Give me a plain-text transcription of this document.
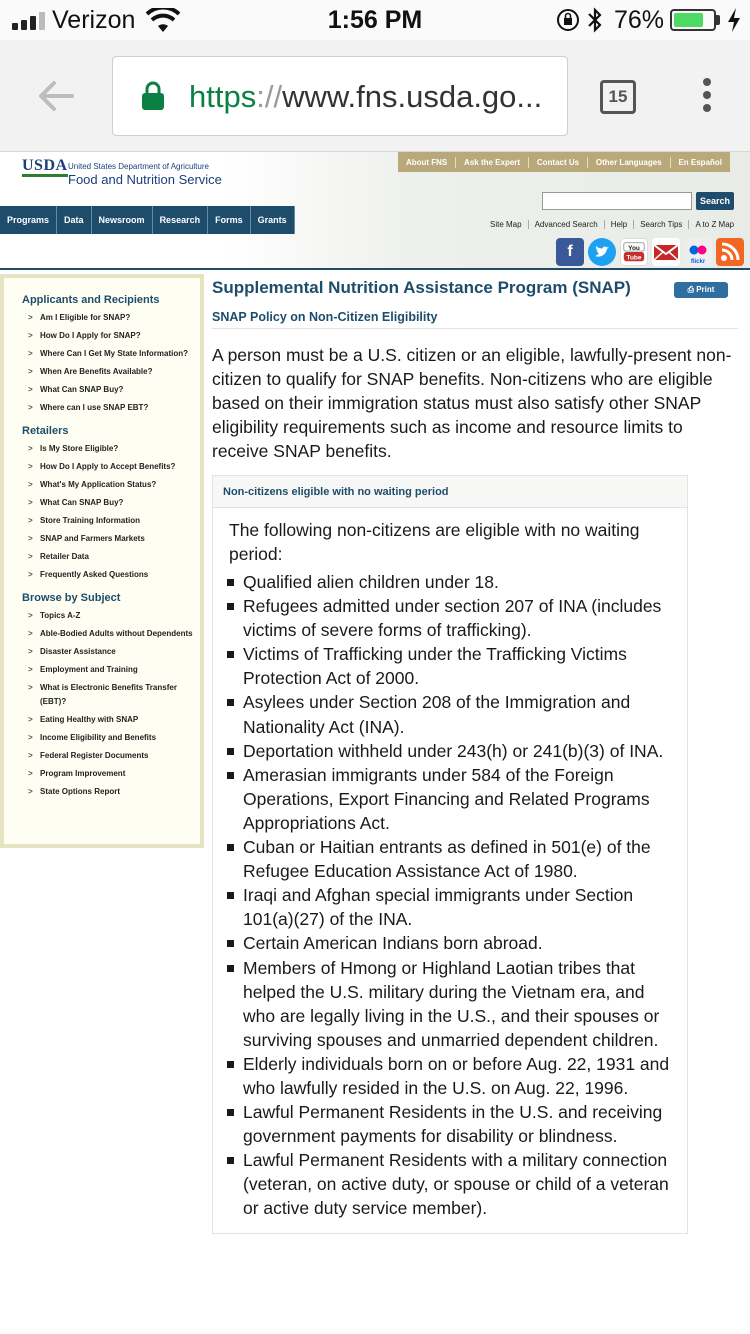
Verizon	1:56 PM	76%
https://www.fns.usda.go...	15
USDA United States Department of Agriculture
Food and Nutrition Service
About FNS Ask the Expert Contact Us Other Languages En Español
Search
Programs	Data	Newsroom	Research	Forms	Grants	Site Map	Advanced Search	Help	Search Tips	A to Z Map
f	You
Tube
flickr
Applicants and Recipients
> Am I Eligible for SNAP?
> How Do I Apply for SNAP?
> Where Can I Get My State Information?
> When Are Benefits Available?
> What Can SNAP Buy?
> Where can I use SNAP EBT?
Retailers
> Is My Store Eligible?
> How Do I Apply to Accept Benefits?
> What's My Application Status?
> What Can SNAP Buy?
> Store Training Information
> SNAP and Farmers Markets
> Retailer Data
> Frequently Asked Questions
Browse by Subject
> Topics A-Z
> Able-Bodied Adults without Dependents
> Disaster Assistance
> Employment and Training
> What is Electronic Benefits Transfer (EBT)?
> Eating Healthy with SNAP
> Income Eligibility and Benefits
> Federal Register Documents
> Program Improvement
> State Options Report
Supplemental Nutrition Assistance Program (SNAP)	⎙ Print
SNAP Policy on Non-Citizen Eligibility

A person must be a U.S. citizen or an eligible, lawfully-present non-citizen to qualify for SNAP benefits. Non-citizens who are eligible based on their immigration status must also satisfy other SNAP eligibility requirements such as income and resource limits to receive SNAP benefits.

Non-citizens eligible with no waiting period

The following non-citizens are eligible with no waiting period:

Qualified alien children under 18.
Refugees admitted under section 207 of INA (includes victims of severe forms of trafficking).
Victims of Trafficking under the Trafficking Victims Protection Act of 2000.
Asylees under Section 208 of the Immigration and Nationality Act (INA).
Deportation withheld under 243(h) or 241(b)(3) of INA.
Amerasian immigrants under 584 of the Foreign Operations, Export Financing and Related Programs Appropriations Act.
Cuban or Haitian entrants as defined in 501(e) of the Refugee Education Assistance Act of 1980.
Iraqi and Afghan special immigrants under Section 101(a)(27) of the INA.
Certain American Indians born abroad.
Members of Hmong or Highland Laotian tribes that helped the U.S. military during the Vietnam era, and who are legally living in the U.S., and their spouses or surviving spouses and unmarried dependent children.
Elderly individuals born on or before Aug. 22, 1931 and who lawfully resided in the U.S. on Aug. 22, 1996.
Lawful Permanent Residents in the U.S. and receiving government payments for disability or blindness.
Lawful Permanent Residents with a military connection (veteran, on active duty, or spouse or child of a veteran or active duty service member).
